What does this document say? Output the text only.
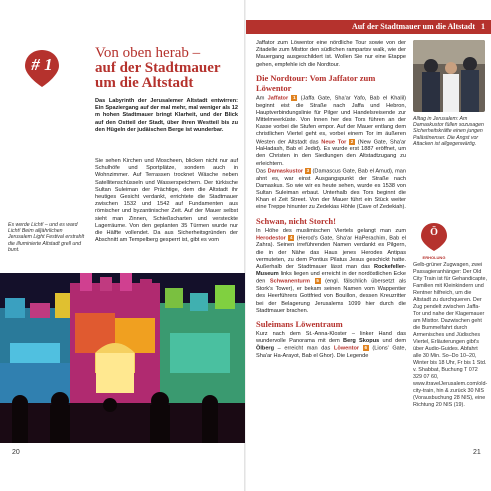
Auf der Stadtmauer um die Altstadt 1
# 1
Von oben herab –
auf der Stadtmauer
um die Altstadt
Das Labyrinth der Jerusalemer Altstadt entwirren: Ein Spaziergang auf der mal mehr, mal weniger als 12 m hohen Stadtmauer bringt Klarheit, und der Blick auf den Ostteil der Stadt, über ihren Westteil bis zu den Hügeln der judäischen Berge ist wunderbar.
Sie sehen Kirchen und Moscheen, blicken nicht nur auf Schulhöfe und Sportplätze, sondern auch in Wohnzimmer. Auf Terrassen trocknet Wäsche neben Satellitenschüsseln und Wasserspeichern. Der türkische Sultan Suleiman der Prächtige, dem die Altstadt ihr heutiges Gesicht verdankt, errichtete die Stadtmauer zwischen 1532 und 1542 auf Fundamenten aus römischer und byzantinischer Zeit. Auf der Mauer selbst sieht man Zinnen, Schießscharten und versteckte Lagerräume. Von den geplanten 35 Türmen wurde nur die Hälfte vollendet. Da aus Sicherheitsgründen der Abschnitt am Tempelberg gesperrt ist, gibt es vom
Es werde Licht! – und es ward Licht! Beim alljährlichen Jerusalem Light Festival erstrahlt die illuminierte Altstadt grell und bunt.
20	21

Jaffator zum Löwentor eine nördliche Tour sowie von der Zitadelle zum Misttor den südlichen rampartsv walk, wie der Mauergang ausgeschildert ist. Wollen Sie nur eine Etappe gehen, empfehle ich die Nordtour.

Die Nordtour: Vom Jaffator zum Löwentor

Am Jaffator 1 (Jaffa Gate, Sha'ar Yafo, Bab el Khalil) beginnt eist die Straße nach Jaffa und Hebron, Hauptverbindungslinie für Pilger und Handelsreisende zur Mittelmeerküste. Von Innen her des Tors führen an der Kasse vorbei die Stufen empor. Auf der Mauer entlang dem christlichen Viertel geht es, vorbei einem Tor im äußeren Westen der Altstadt das Neue Tor 2 (New Gate, Sha'ar HaHadash, Bab el Jedid). Es wurde erst 1887 eröffnet, um den Christen in den Siedlungen den Altstadtzugang zu erleichtern.

Das Damaskustor 3 (Damascus Gate, Bab el Amud), man ahnt es, war einst Ausgangspunkt der Straße nach Damaskus. So wie wir es heute sehen, wurde es 1538 von Sultan Suleiman erbaut. Unterhalb des Tors beginnt die Khan el Zeit Street. Von der Mauer führt ein Stück weiter eine Treppe hinunter zu Zedekias Höhle (Cave of Zedekiah).

Schwan, nicht Storch!

In Höhe des muslimischen Viertels gelangt man zum Herodestor 4 (Herod's Gate, Sha'ar HaPerachim, Bab el Zahra). Seinen irreführenden Namen verdankt es Pilgern, die in der Nähe das Haus jenes Herodes Antipas vermuteten, zu dem Pontius Pilatus Jesus geschickt hatte. Außerhalb der Stadtmauer lässt man das Rockefeller-Museum links liegen und erreicht in der nordöstlichen Ecke den Schwanenturm 5 (engl. fälschlich übersetzt als Stork's Tower), er bekam seinen Namen vom Wappentier des Heerführers Gottfried von Bouillon, dessen Kreuzritter bei der Belagerung Jerusalems 1099 hier durch die Stadtmauer brachen.

Suleimans Löwentraum

Kurz nach dem St.-Anna-Kloster – linker Hand das wundervolle Panorama mit dem Berg Skopus und dem Ölberg – erreicht man das Löwentor 6 (Lions' Gate, Sha'ar Ha-Arayot, Bab el Ghor). Die Legende

Alltag in Jerusalem: Am Damaskustor füllen sozusagen Sicherheitskräfte einen jungen Palästinenser. Die Angst vor Attacken ist allgegenwärtig.
Ö
ERHOLUNG
Gelb-grüner Zugwagen, zwei Passagieranhänger: Der Old City Train ist für Gehandicapte, Familien mit Kleinkindern und Rentner hilfreich, um die Altstadt zu durchqueren. Der Zug pendelt zwischen Jaffa-Tor und nahe der Klagemauer am Misttor. Dazwischen geht die Bummelfahrt durch Armenisches und Jüdisches Viertel, Erläuterungen gibt's über Audio-Guides. Abfahrt alle 30 Min. So–Do 10–20, Winter bis 18 Uhr, Fr bis 1 Std. v. Shabbat, Buchung T 072 329 07 60, www.itravelJerusalem.com/old-city-train, hin & zurück 30 NIS (Vorausbuchung 28 NIS), eine Richtung 20 NIS (19).
